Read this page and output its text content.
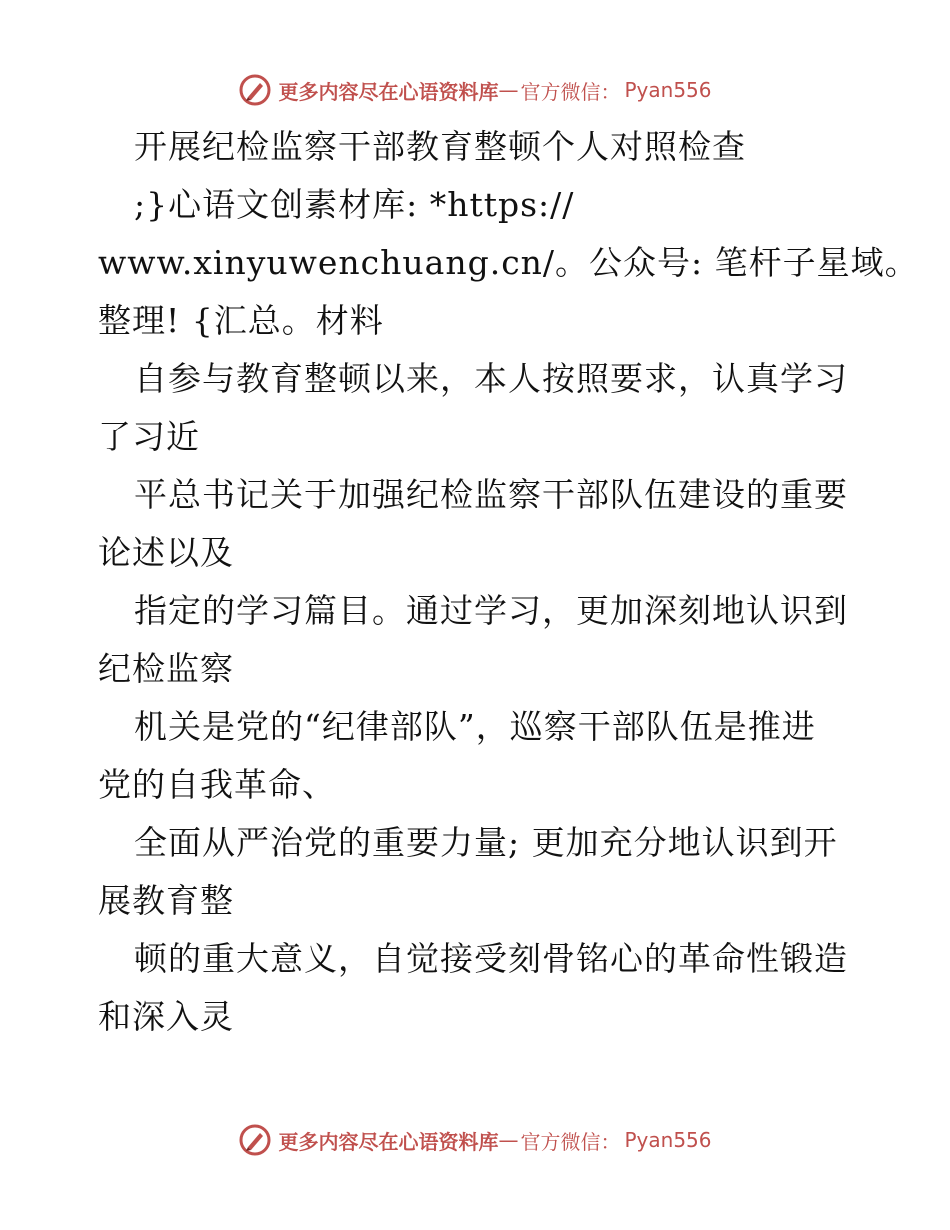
更多内容尽在心语资料库 — 官方微信： Pyan556
开展纪检监察干部教育整顿个人对照检查
;}心语文创素材库: *https://
www.xinyuwenchuang.cn/。公众号: 笔杆子星域。
整理! {汇总。材料
自参与教育整顿以来，本人按照要求，认真学习
了习近
平总书记关于加强纪检监察干部队伍建设的重要
论述以及
指定的学习篇目。通过学习，更加深刻地认识到
纪检监察
机关是党的“纪律部队”，巡察干部队伍是推进
党的自我革命、
全面从严治党的重要力量; 更加充分地认识到开
展教育整
顿的重大意义，自觉接受刻骨铭心的革命性锻造
和深入灵
更多内容尽在心语资料库 — 官方微信： Pyan556
